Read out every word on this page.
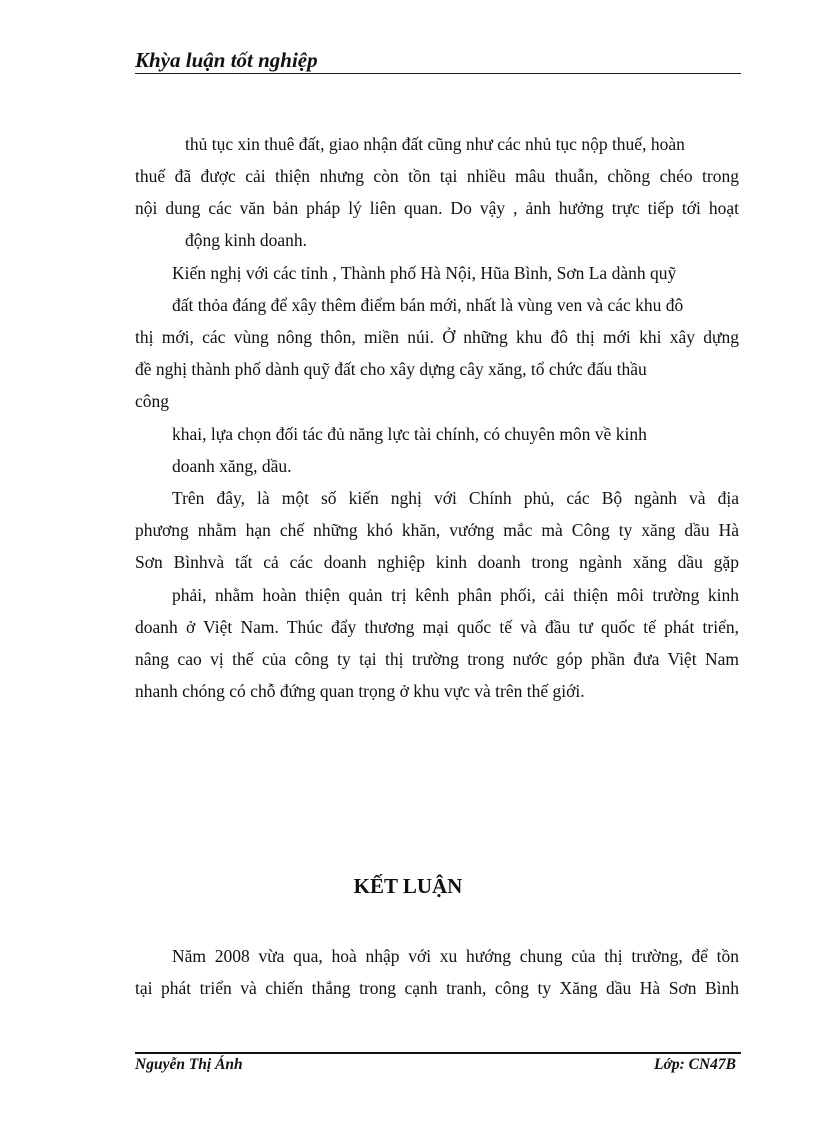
Khỳa luận tốt nghiệp
thủ tục xin thuê đất, giao nhận đất cũng như các nhủ tục nộp thuế, hoàn
thuế đã được cải thiện nhưng còn tồn tại nhiều mâu thuẫn, chồng chéo trong
nội dung các văn bản pháp lý liên quan. Do vậy , ảnh hưởng trực tiếp tới hoạt
động kinh doanh.
Kiến nghị với các tỉnh , Thành phố Hà Nội, Hũa Bình, Sơn La dành quỹ
đất thỏa đáng để xây thêm điểm bán mới, nhất là vùng ven và các khu đô
thị mới, các vùng nông thôn, miền núi. Ở những khu đô thị mới khi xây dựng
đề nghị thành phố dành quỹ đất cho xây dựng cây xăng, tổ chức đấu thầu
công
khai, lựa chọn đối tác đủ năng lực tài chính, có chuyên môn về kinh
doanh xăng, dầu.
Trên đây, là một số kiến nghị với Chính phủ, các Bộ ngành và địa
phương nhằm hạn chế những khó khăn, vướng mắc mà Công ty xăng dầu Hà
Sơn Bìnhvà tất cả các doanh nghiệp kinh doanh trong ngành xăng dầu gặp
phải, nhằm hoàn thiện quản trị kênh phân phối, cải thiện môi trường kinh
doanh ở Việt Nam. Thúc đẩy thương mại quốc tế và đầu tư quốc tế phát triển,
nâng cao vị thế của công ty tại thị trường trong nước góp phần đưa Việt Nam
nhanh chóng có chỗ đứng quan trọng ở khu vực và trên thế giới.
KẾT LUẬN
Năm 2008 vừa qua, hoà nhập với xu hướng chung của thị trường, để tồn
tại phát triển và chiến thắng trong cạnh tranh, công ty Xăng dầu Hà Sơn Bình
Nguyễn Thị Ánh	Lớp: CN47B
